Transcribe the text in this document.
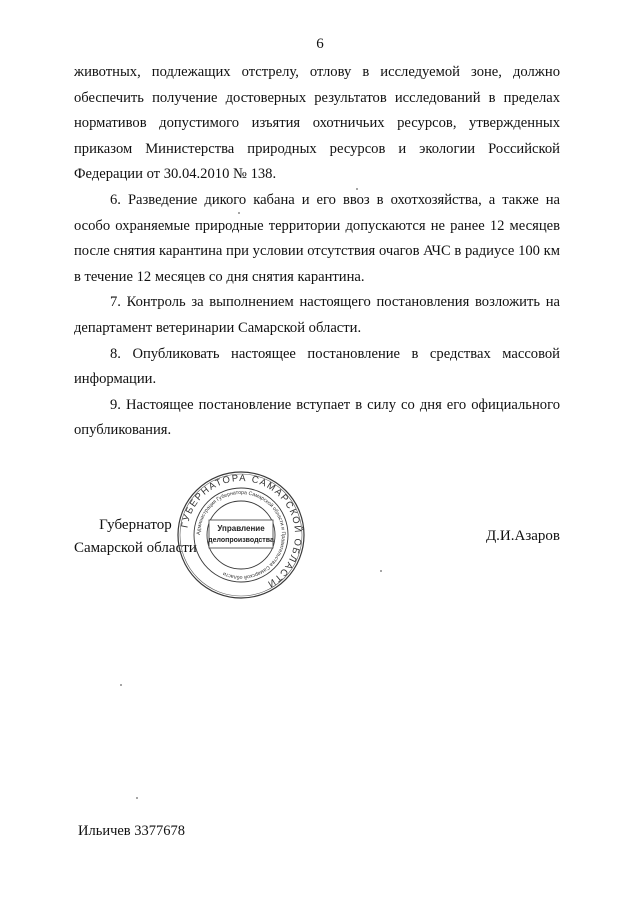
6

животных, подлежащих отстрелу, отлову в исследуемой зоне, должно обеспечить получение достоверных результатов исследований в пределах нормативов допустимого изъятия охотничьих ресурсов, утвержденных приказом Министерства природных ресурсов и экологии Российской Федерации от 30.04.2010 № 138.

6. Разведение дикого кабана и его ввоз в охотхозяйства, а также на особо охраняемые природные территории допускаются не ранее 12 месяцев после снятия карантина при условии отсутствия очагов АЧС в радиусе 100 км в течение 12 месяцев со дня снятия карантина.

7. Контроль за выполнением настоящего постановления возложить на департамент ветеринарии Самарской области.

8. Опубликовать настоящее постановление в средствах массовой информации.

9. Настоящее постановление вступает в силу со дня его официального опубликования.

Губернатор
Самарской области
ГУБЕРНАТОРА САМАРСКОЙ ОБЛАСТИ
Администрация Губернатора Самарской области и Правительства Самарской области
Управление
делопроизводства	Д.И.Азаров
Ильичев 3377678
